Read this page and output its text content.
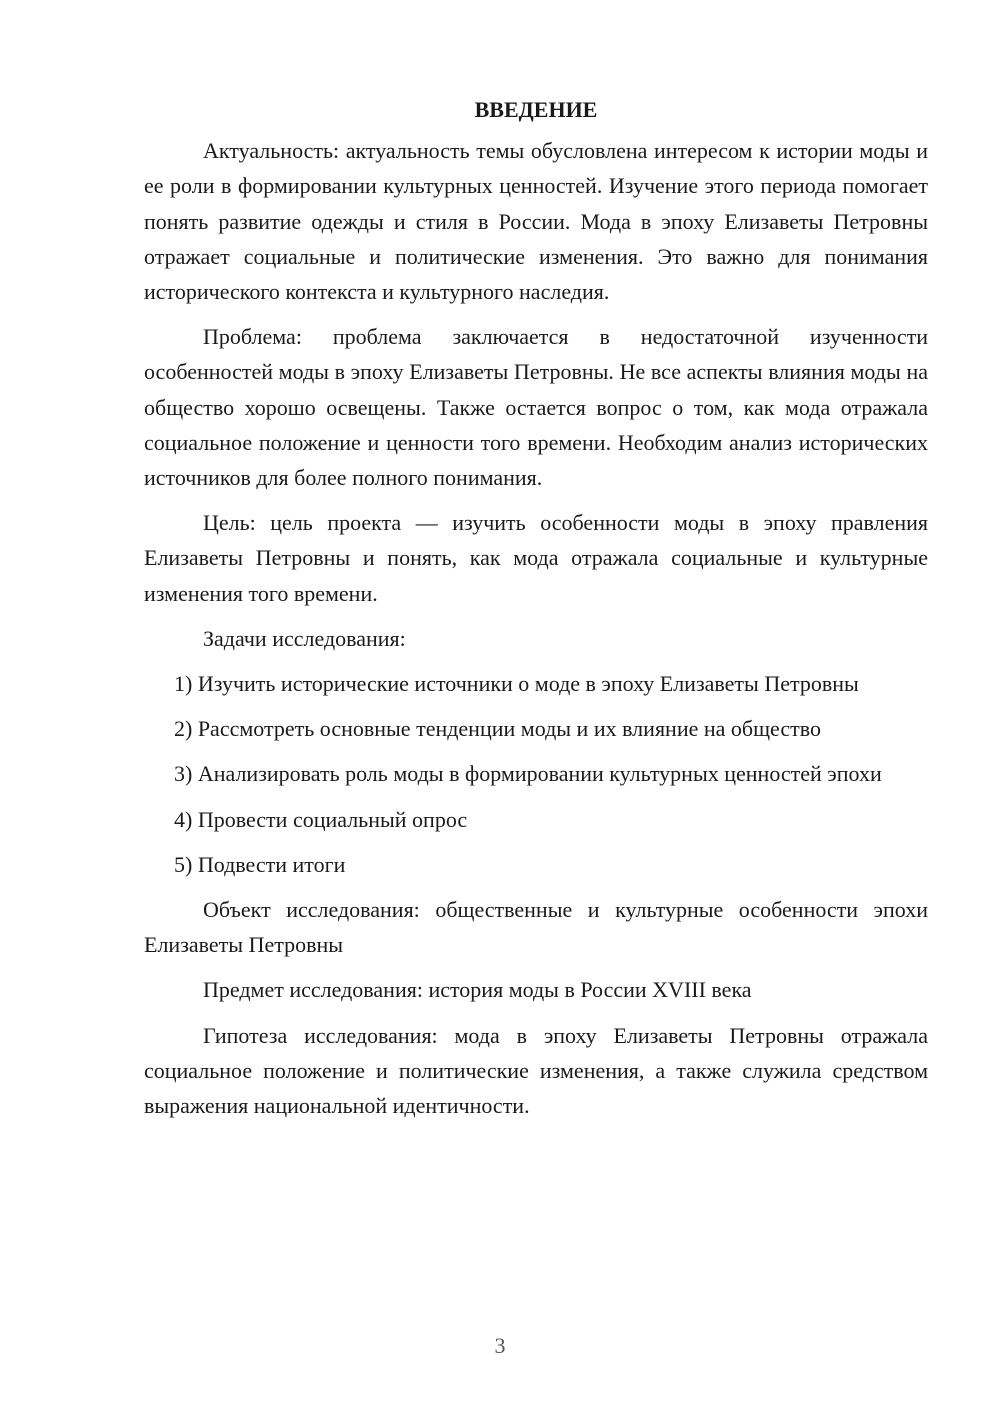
ВВЕДЕНИЕ

Актуальность: актуальность темы обусловлена интересом к истории моды и ее роли в формировании культурных ценностей. Изучение этого периода помогает понять развитие одежды и стиля в России. Мода в эпоху Елизаветы Петровны отражает социальные и политические изменения. Это важно для понимания исторического контекста и культурного наследия.

Проблема: проблема заключается в недостаточной изученности особенностей моды в эпоху Елизаветы Петровны. Не все аспекты влияния моды на общество хорошо освещены. Также остается вопрос о том, как мода отражала социальное положение и ценности того времени. Необходим анализ исторических источников для более полного понимания.

Цель: цель проекта — изучить особенности моды в эпоху правления Елизаветы Петровны и понять, как мода отражала социальные и культурные изменения того времени.

Задачи исследования:

1) Изучить исторические источники о моде в эпоху Елизаветы Петровны

2) Рассмотреть основные тенденции моды и их влияние на общество

3) Анализировать роль моды в формировании культурных ценностей эпохи

4) Провести социальный опрос

5) Подвести итоги

Объект исследования: общественные и культурные особенности эпохи Елизаветы Петровны

Предмет исследования: история моды в России XVIII века

Гипотеза исследования: мода в эпоху Елизаветы Петровны отражала социальное положение и политические изменения, а также служила средством выражения национальной идентичности.

3
